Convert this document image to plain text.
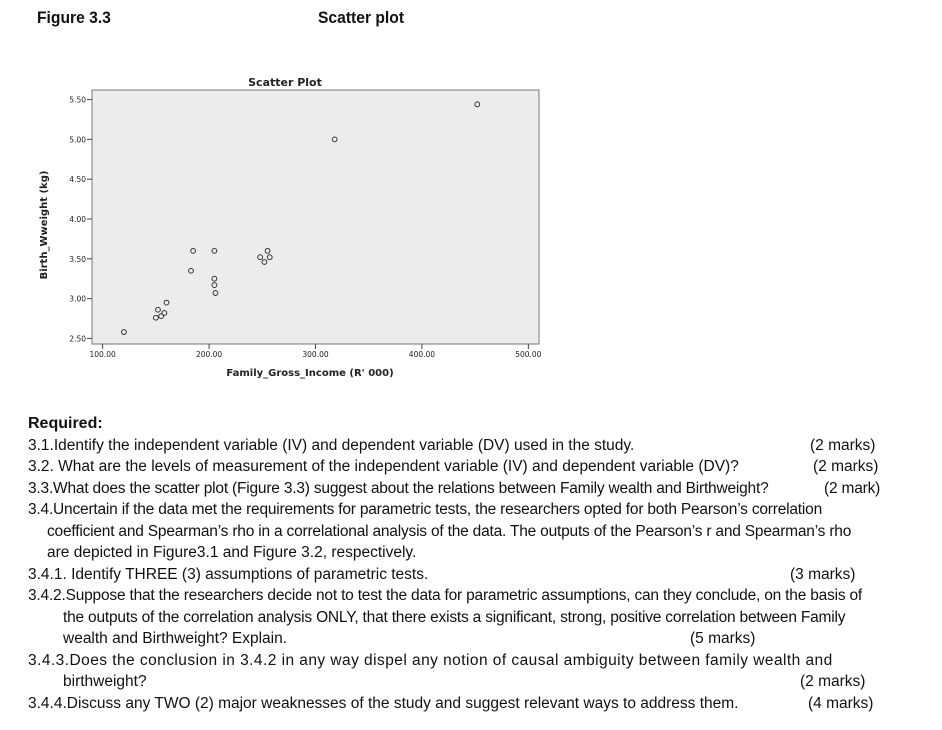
Figure 3.3	Scatter plot
Scatter Plot
2.50
3.00
3.50
4.00
4.50
5.00
5.50
100.00	200.00	300.00	400.00	500.00
Family_Gross_Income (R' 000)
Birth_Wweight (kg)
Required:
3.1.Identify the independent variable (IV) and dependent variable (DV) used in the study.	(2 marks)
3.2. What are the levels of measurement of the independent variable (IV) and dependent variable (DV)?	(2 marks)
3.3.What does the scatter plot (Figure 3.3) suggest about the relations between Family wealth and Birthweight?	(2 mark)
3.4.Uncertain if the data met the requirements for parametric tests, the researchers opted for both Pearson’s correlation
coefficient and Spearman’s rho in a correlational analysis of the data. The outputs of the Pearson’s r and Spearman’s rho
are depicted in Figure3.1 and Figure 3.2, respectively.
3.4.1. Identify THREE (3) assumptions of parametric tests.	(3 marks)
3.4.2.Suppose that the researchers decide not to test the data for parametric assumptions, can they conclude, on the basis of
the outputs of the correlation analysis ONLY, that there exists a significant, strong, positive correlation between Family
wealth and Birthweight? Explain.	(5 marks)
3.4.3.Does the conclusion in 3.4.2 in any way dispel any notion of causal ambiguity between family wealth and
birthweight?	(2 marks)
3.4.4.Discuss any TWO (2) major weaknesses of the study and suggest relevant ways to address them.	(4 marks)
